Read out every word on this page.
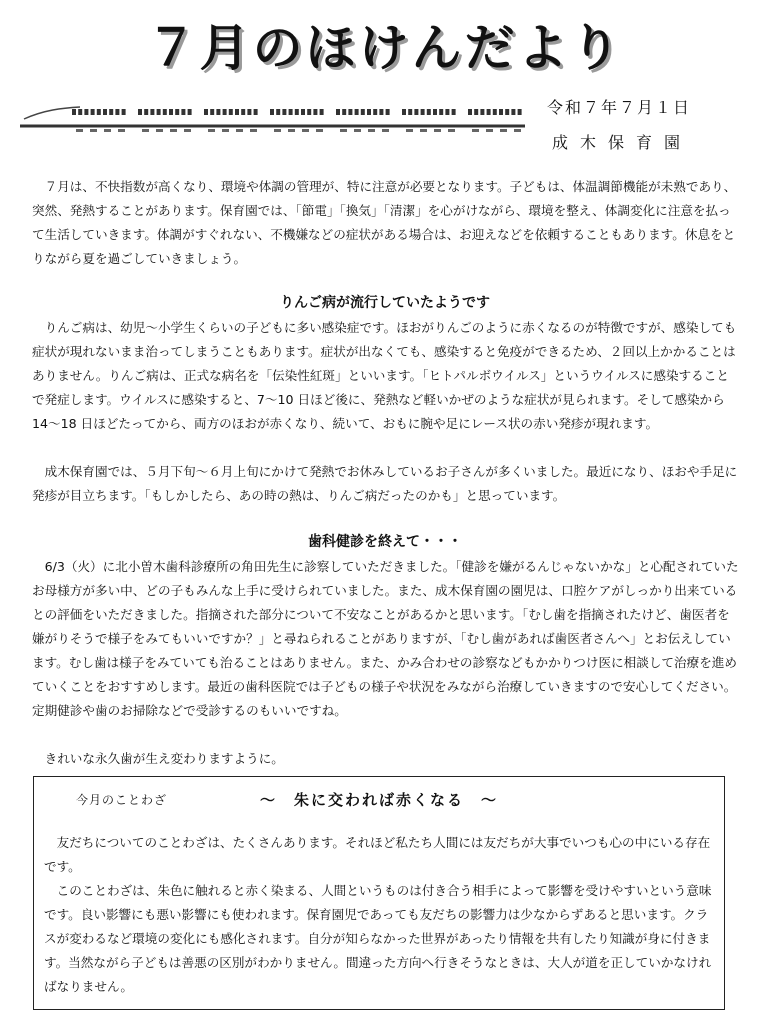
７月のほけんだより
令和７年７月１日
成木保育園

７月は、不快指数が高くなり、環境や体調の管理が、特に注意が必要となります。子どもは、体温調節機能が未熟であり、突然、発熱することがあります。保育園では、「節電」「換気」「清潔」を心がけながら、環境を整え、体調変化に注意を払って生活していきます。体調がすぐれない、不機嫌などの症状がある場合は、お迎えなどを依頼することもあります。休息をとりながら夏を過ごしていきましょう。

りんご病が流行していたようです

りんご病は、幼児～小学生くらいの子どもに多い感染症です。ほおがりんごのように赤くなるのが特徴ですが、感染しても症状が現れないまま治ってしまうこともあります。症状が出なくても、感染すると免疫ができるため、２回以上かかることはありません。りんご病は、正式な病名を「伝染性紅斑」といいます。「ヒトパルボウイルス」というウイルスに感染することで発症します。ウイルスに感染すると、7～10 日ほど後に、発熱など軽いかぜのような症状が見られます。そして感染から 14～18 日ほどたってから、両方のほおが赤くなり、続いて、おもに腕や足にレース状の赤い発疹が現れます。

成木保育園では、５月下旬～６月上旬にかけて発熱でお休みしているお子さんが多くいました。最近になり、ほおや手足に発疹が目立ちます。「もしかしたら、あの時の熱は、りんご病だったのかも」と思っています。

歯科健診を終えて・・・

6/3（火）に北小曽木歯科診療所の角田先生に診察していただきました。「健診を嫌がるんじゃないかな」と心配されていたお母様方が多い中、どの子もみんな上手に受けられていました。また、成木保育園の園児は、口腔ケアがしっかり出来ているとの評価をいただきました。指摘された部分について不安なことがあるかと思います。「むし歯を指摘されたけど、歯医者を嫌がりそうで様子をみてもいいですか？」と尋ねられることがありますが、「むし歯があれば歯医者さんへ」とお伝えしています。むし歯は様子をみていても治ることはありません。また、かみ合わせの診察などもかかりつけ医に相談して治療を進めていくことをおすすめします。最近の歯科医院では子どもの様子や状況をみながら治療していきますので安心してください。定期健診や歯のお掃除などで受診するのもいいですね。

きれいな永久歯が生え変わりますように。

今月のことわざ	～　朱に交われば赤くなる　～

友だちについてのことわざは、たくさんあります。それほど私たち人間には友だちが大事でいつも心の中にいる存在です。

このことわざは、朱色に触れると赤く染まる、人間というものは付き合う相手によって影響を受けやすいという意味です。良い影響にも悪い影響にも使われます。保育園児であっても友だちの影響力は少なからずあると思います。クラスが変わるなど環境の変化にも感化されます。自分が知らなかった世界があったり情報を共有したり知識が身に付きます。当然ながら子どもは善悪の区別がわかりません。間違った方向へ行きそうなときは、大人が道を正していかなければなりません。
